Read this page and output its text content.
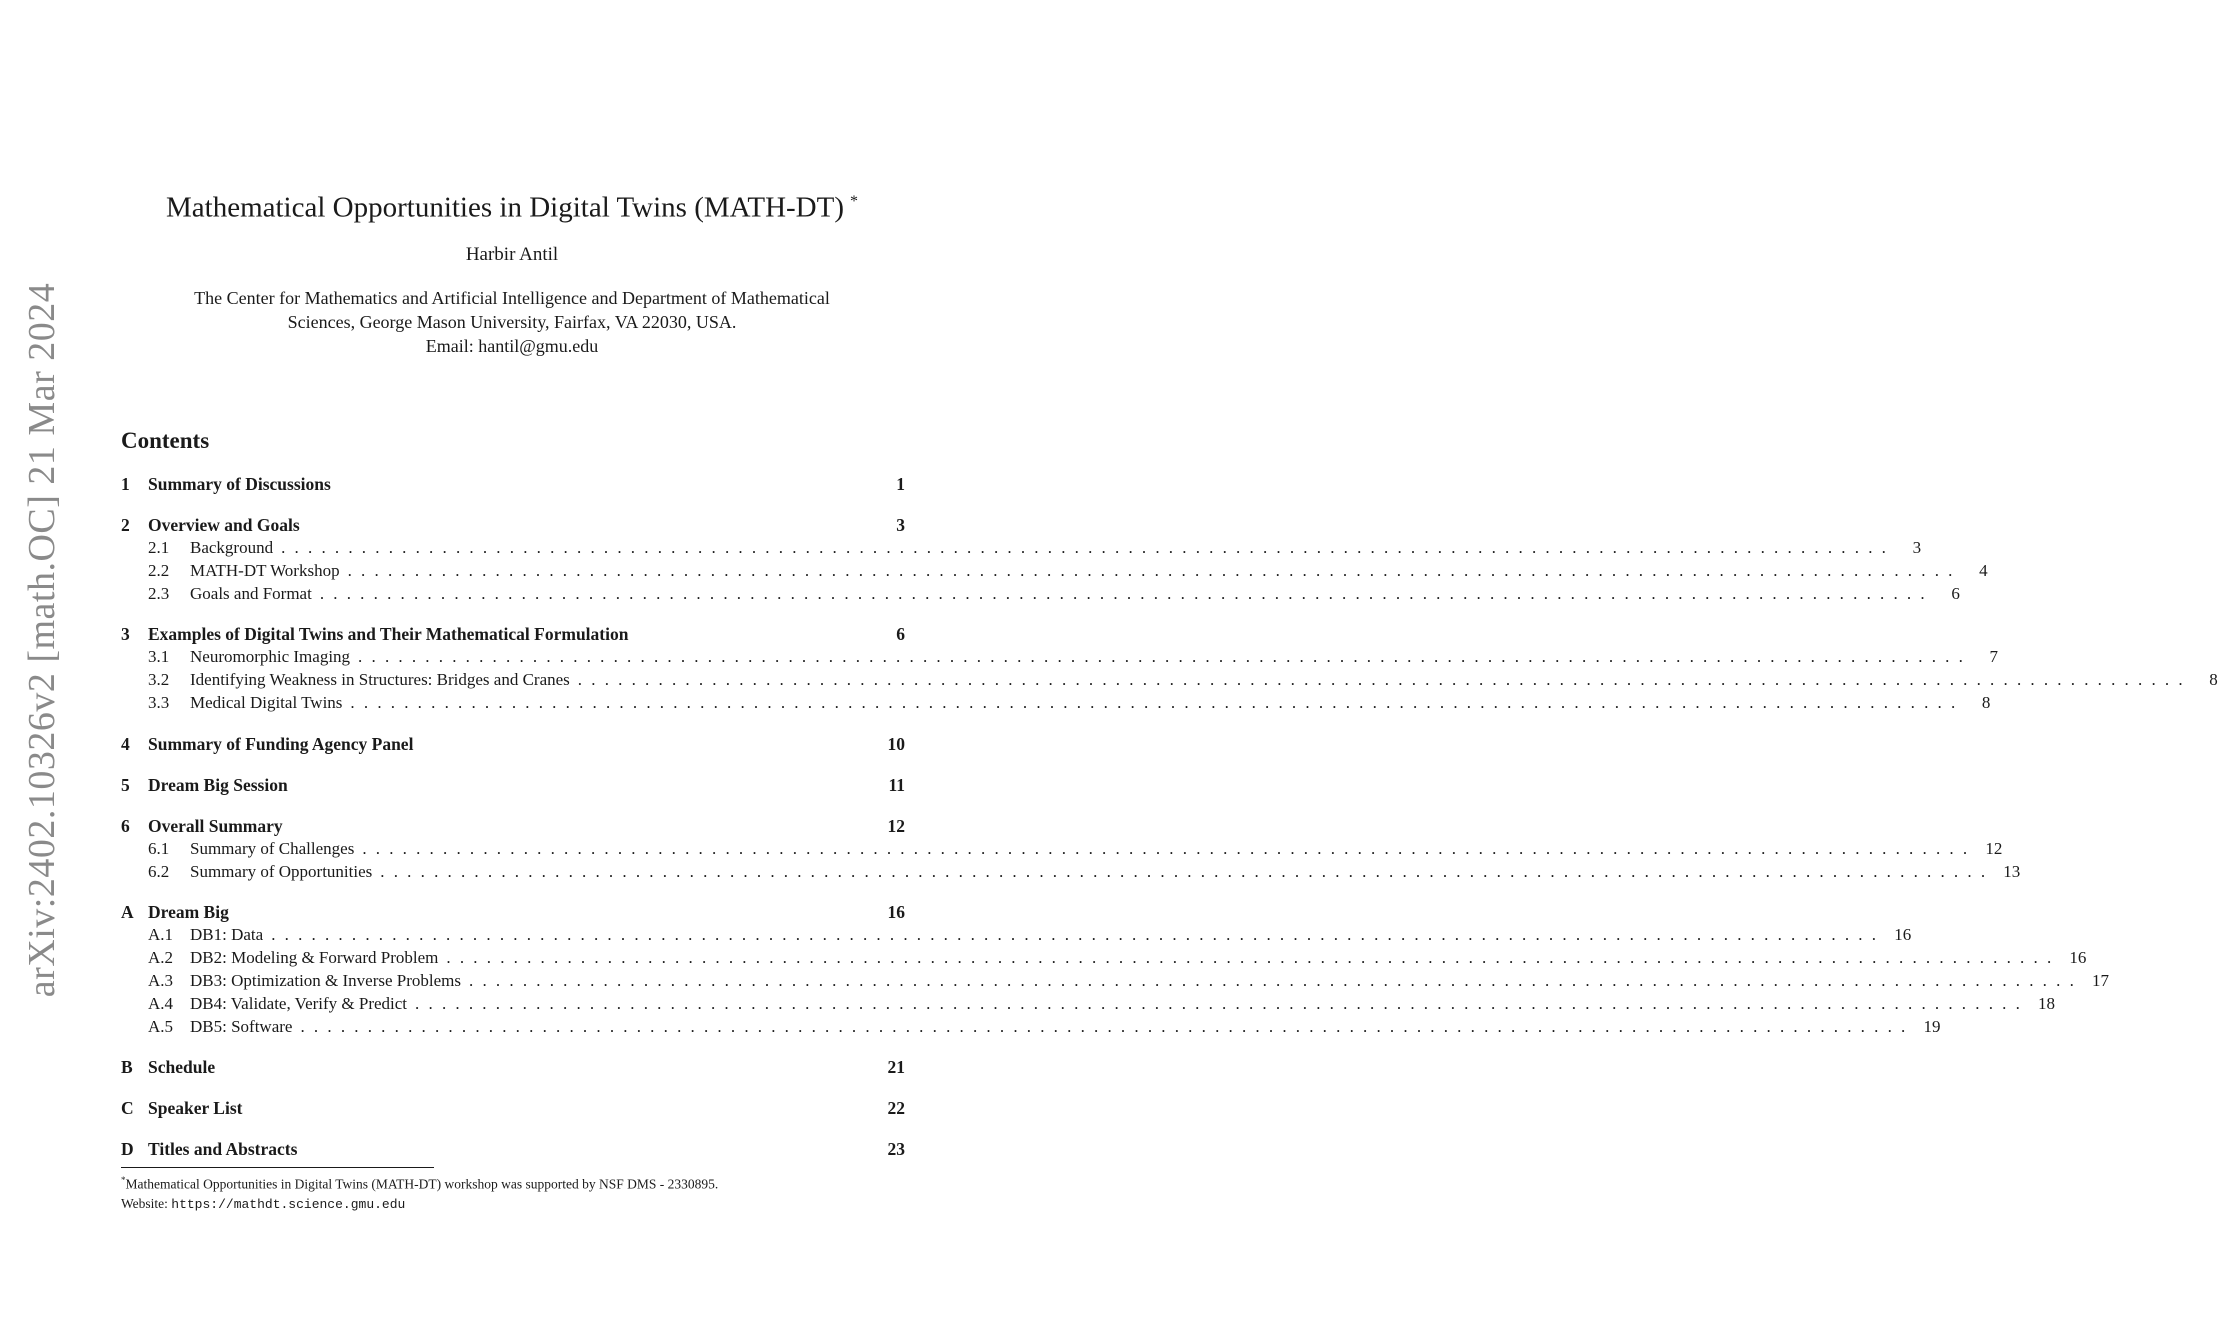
arXiv:2402.10326v2 [math.OC] 21 Mar 2024
Mathematical Opportunities in Digital Twins (MATH-DT) *
Harbir Antil
The Center for Mathematics and Artificial Intelligence and Department of Mathematical
Sciences, George Mason University, Fairfax, VA 22030, USA.
Email: hantil@gmu.edu
Contents
1	Summary of Discussions	1
2	Overview and Goals	3
2.1	Background ........................................................................................................................	3
2.2	MATH-DT Workshop ........................................................................................................................	4
2.3	Goals and Format ........................................................................................................................	6
3	Examples of Digital Twins and Their Mathematical Formulation	6
3.1	Neuromorphic Imaging ........................................................................................................................	7
3.2	Identifying Weakness in Structures: Bridges and Cranes ........................................................................................................................	8
3.3	Medical Digital Twins ........................................................................................................................	8
4	Summary of Funding Agency Panel	10
5	Dream Big Session	11
6	Overall Summary	12
6.1	Summary of Challenges ........................................................................................................................ 12
6.2	Summary of Opportunities ........................................................................................................................ 13
A Dream Big	16
A.1 DB1: Data ........................................................................................................................ 16
A.2 DB2: Modeling & Forward Problem ........................................................................................................................ 16
A.3 DB3: Optimization & Inverse Problems ........................................................................................................................ 17
A.4 DB4: Validate, Verify & Predict ........................................................................................................................ 18
A.5 DB5: Software ........................................................................................................................ 19
B Schedule	21
C Speaker List	22
D Titles and Abstracts	23
*Mathematical Opportunities in Digital Twins (MATH-DT) workshop was supported by NSF DMS - 2330895.
Website: https://mathdt.science.gmu.edu
